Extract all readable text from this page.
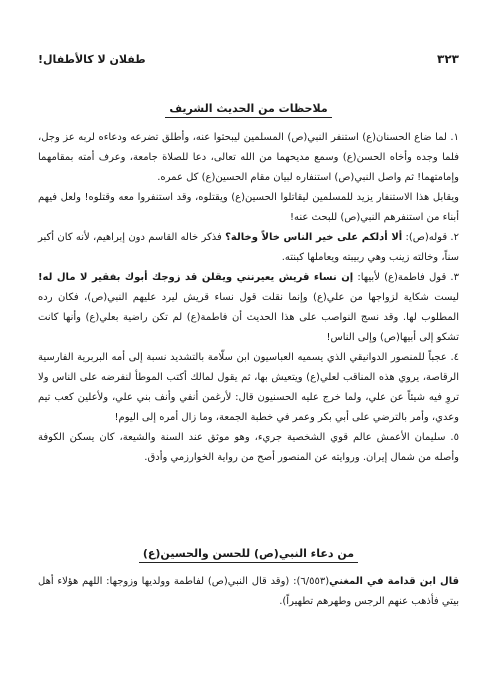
٣٢٣
طفلان لا كالأطفال!
ملاحظات من الحديث الشريف

١. لما ضاع الحسنان(ع) استنفر النبي(ص) المسلمين ليبحثوا عنه، وأطلق تضرعه ودعاءه لربه عز وجل، فلما وجده وأخاه الحسن(ع) وسمع مديحهما من الله تعالى، دعا للصلاة جامعة، وعرف أمته بمقامهما وإمامتهما! ثم واصل النبي(ص) استنفاره لبيان مقام الحسين(ع) كل عمره.

ويقابل هذا الاستنفار يزيد للمسلمين ليقاتلوا الحسين(ع) ويقتلوه، وقد استنفروا معه وقتلوه! ولعل فيهم أبناء من استنفرهم النبي(ص) للبحث عنه!

٢. قوله(ص): ألا أدلكم على خير الناس خالاً وخالة؟ فذكر خاله القاسم دون إبراهيم، لأنه كان أكبر سناً، وخالته زينب وهي ربيبته ويعاملها كبنته.

٣. قول فاطمة(ع) لأبيها: إن نساء قريش يعيرنني ويقلن قد زوجك أبوك بفقير لا مال له! ليست شكاية لزواجها من علي(ع) وإنما نقلت قول نساء قريش ليرد عليهم النبي(ص)، فكان رده المطلوب لها. وقد نسج النواصب على هذا الحديث أن فاطمة(ع) لم تكن راضية بعلي(ع) وأنها كانت تشكو إلى أبيها(ص) وإلى الناس!

٤. عجباً للمنصور الدوانيقي الذي يسميه العباسيون ابن سلّامة بالتشديد نسبة إلى أمه البربرية الفارسية الرقاصة، يروي هذه المناقب لعلي(ع) ويتعيش بها، ثم يقول لمالك أكتب الموطأ لنفرضه على الناس ولا تروِ فيه شيئاً عن علي، ولما خرج عليه الحسنيون قال: لأرغمن أنفي وأنف بني علي، ولأعلين كعب تيم وعدي، وأمر بالترضي على أبي بكر وعمر في خطبة الجمعة، وما زال أمره إلى اليوم!

٥. سليمان الأعمش عالم قوي الشخصية جريء، وهو موثق عند السنة والشيعة، كان يسكن الكوفة وأصله من شمال إيران. وروايته عن المنصور أصح من رواية الخوارزمي وأدق.

من دعاء النبي(ص) للحسن والحسين(ع)

قال ابن قدامة في المغني(٦/٥٥٣): (وقد قال النبي(ص) لفاطمة وولديها وزوجها: اللهم هؤلاء أهل بيتي فأذهب عنهم الرجس وطهرهم تطهيراً).
